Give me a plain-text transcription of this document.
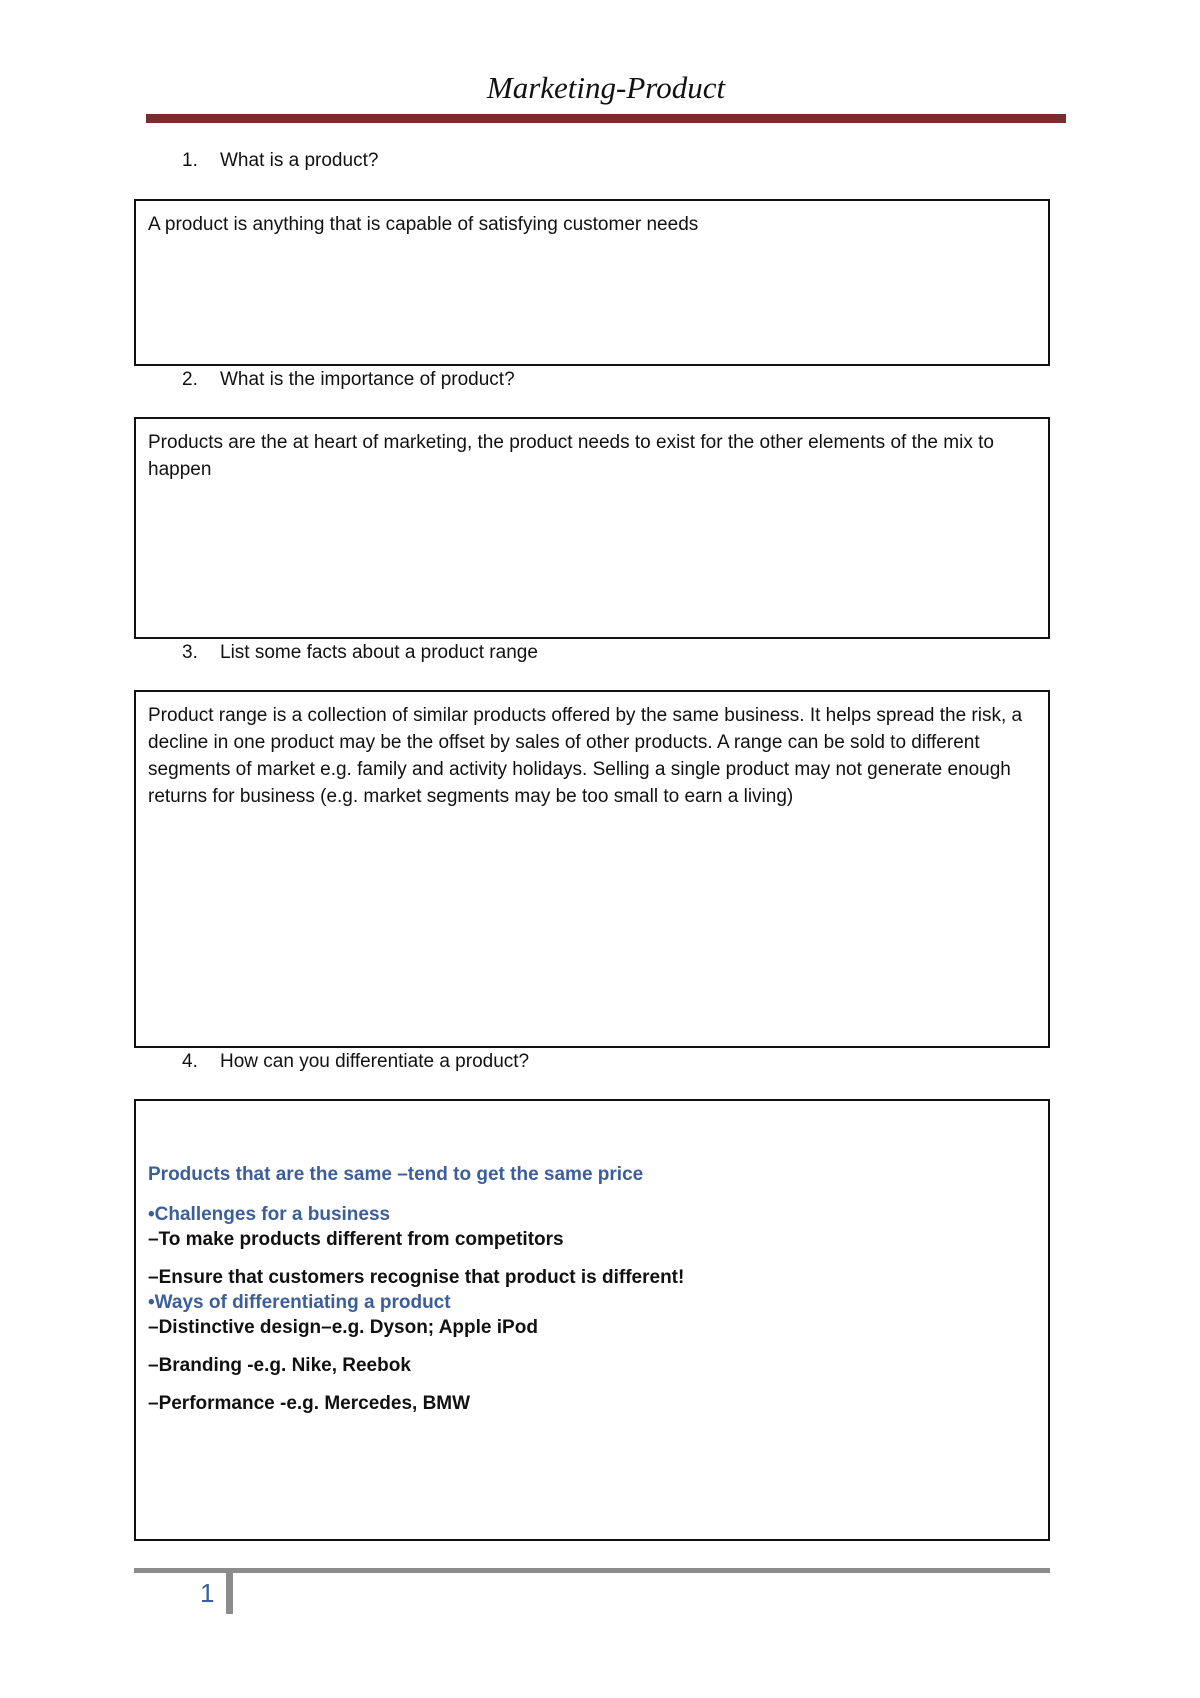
Marketing-Product
1. What is a product?

A product is anything that is capable of satisfying customer needs

2. What is the importance of product?

Products are the at heart of marketing, the product needs to exist for the other elements of the mix to happen

3. List some facts about a product range

Product range is a collection of similar products offered by the same business. It helps spread the risk, a decline in one product may be the offset by sales of other products. A range can be sold to different segments of market e.g. family and activity holidays. Selling a single product may not generate enough returns for business (e.g. market segments may be too small to earn a living)

4. How can you differentiate a product?

Products that are the same –tend to get the same price

•Challenges for a business

–To make products different from competitors

–Ensure that customers recognise that product is different!

•Ways of differentiating a product

–Distinctive design–e.g. Dyson; Apple iPod

–Branding -e.g. Nike, Reebok

–Performance -e.g. Mercedes, BMW

1
